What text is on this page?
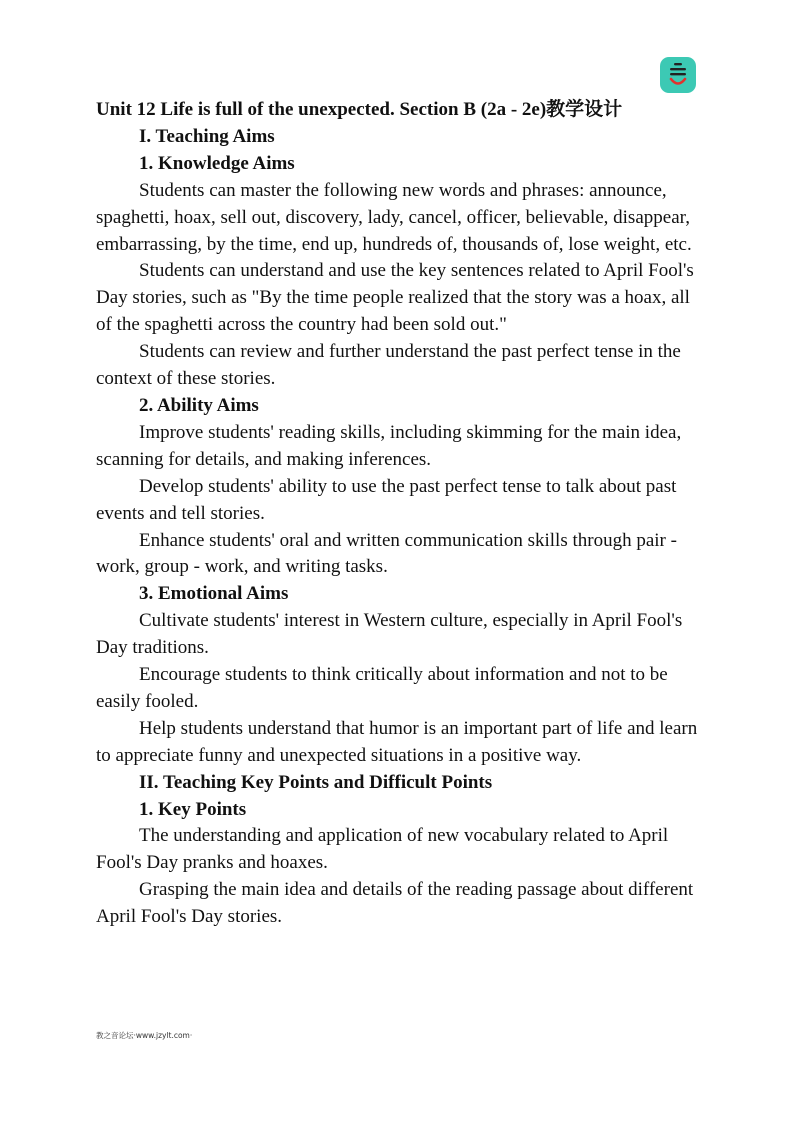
Unit 12 Life is full of the unexpected. Section B (2a - 2e)教学设计

I. Teaching Aims

1. Knowledge Aims

Students can master the following new words and phrases: announce, spaghetti, hoax, sell out, discovery, lady, cancel, officer, believable, disappear, embarrassing, by the time, end up, hundreds of, thousands of, lose weight, etc.

Students can understand and use the key sentences related to April Fool's Day stories, such as "By the time people realized that the story was a hoax, all of the spaghetti across the country had been sold out."

Students can review and further understand the past perfect tense in the context of these stories.

2. Ability Aims

Improve students' reading skills, including skimming for the main idea, scanning for details, and making inferences.

Develop students' ability to use the past perfect tense to talk about past events and tell stories.

Enhance students' oral and written communication skills through pair - work, group - work, and writing tasks.

3. Emotional Aims

Cultivate students' interest in Western culture, especially in April Fool's Day traditions.

Encourage students to think critically about information and not to be easily fooled.

Help students understand that humor is an important part of life and learn to appreciate funny and unexpected situations in a positive way.

II. Teaching Key Points and Difficult Points

1. Key Points

The understanding and application of new vocabulary related to April Fool's Day pranks and hoaxes.

Grasping the main idea and details of the reading passage about different April Fool's Day stories.

教之音论坛·www.jzylt.com·
